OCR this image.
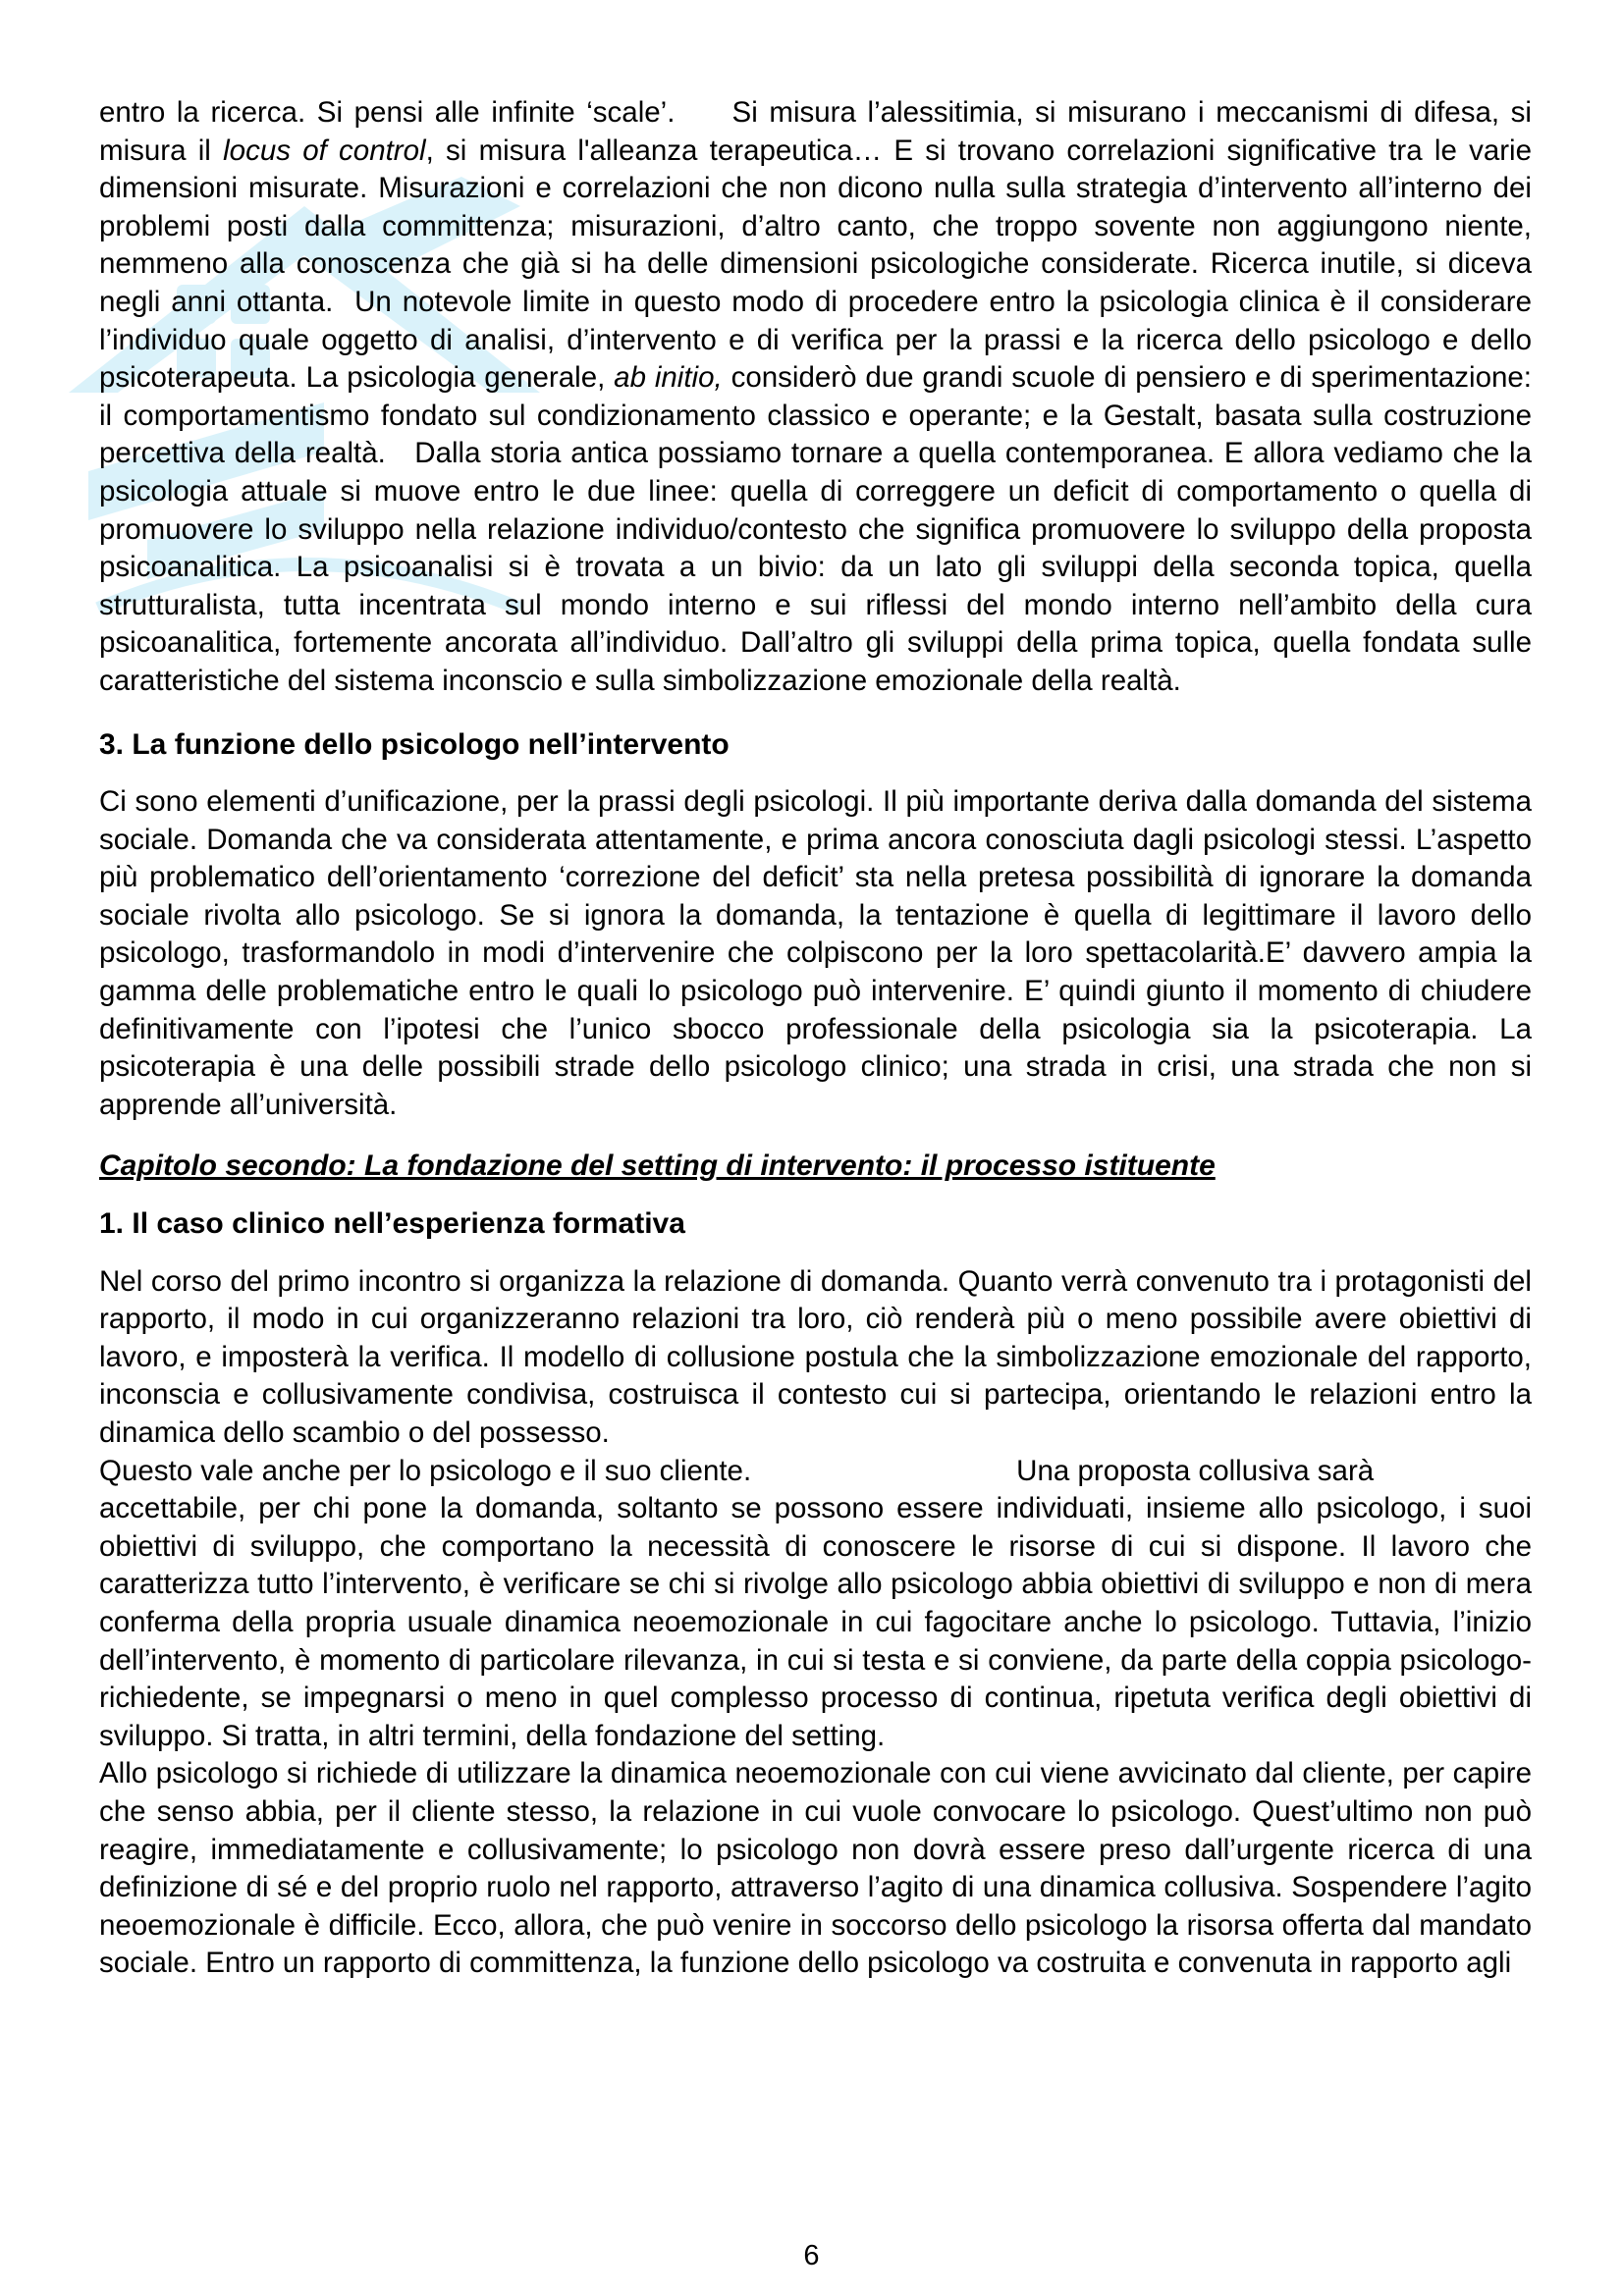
entro la ricerca. Si pensi alle infinite ‘scale’.     Si misura l’alessitimia, si misurano i meccanismi di difesa, si misura il locus of control, si misura l'alleanza terapeutica… E si trovano correlazioni significative tra le varie dimensioni misurate. Misurazioni e correlazioni che non dicono nulla sulla strategia d’intervento all’interno dei problemi posti dalla committenza; misurazioni, d’altro canto, che troppo sovente non aggiungono niente, nemmeno alla conoscenza che già si ha delle dimensioni psicologiche considerate. Ricerca inutile, si diceva negli anni ottanta.  Un notevole limite in questo modo di procedere entro la psicologia clinica è il considerare l’individuo quale oggetto di analisi, d’intervento e di verifica per la prassi e la ricerca dello psicologo e dello psicoterapeuta. La psicologia generale, ab initio, considerò due grandi scuole di pensiero e di sperimentazione: il comportamentismo fondato sul condizionamento classico e operante; e la Gestalt, basata sulla costruzione percettiva della realtà.   Dalla storia antica possiamo tornare a quella contemporanea. E allora vediamo che la psicologia attuale si muove entro le due linee: quella di correggere un deficit di comportamento o quella di promuovere lo sviluppo nella relazione individuo/contesto che significa promuovere lo sviluppo della proposta psicoanalitica. La psicoanalisi si è trovata a un bivio: da un lato gli sviluppi della seconda topica, quella strutturalista, tutta incentrata sul mondo interno e sui riflessi del mondo interno nell’ambito della cura psicoanalitica, fortemente ancorata all’individuo. Dall’altro gli sviluppi della prima topica, quella fondata sulle caratteristiche del sistema inconscio e sulla simbolizzazione emozionale della realtà.

3. La funzione dello psicologo nell’intervento

Ci sono elementi d’unificazione, per la prassi degli psicologi. Il più importante deriva dalla domanda del sistema sociale. Domanda che va considerata attentamente, e prima ancora conosciuta dagli psicologi stessi. L’aspetto più problematico dell’orientamento ‘correzione del deficit’ sta nella pretesa possibilità di ignorare la domanda sociale rivolta allo psicologo. Se si ignora la domanda, la tentazione è quella di legittimare il lavoro dello psicologo, trasformandolo in modi d’intervenire che colpiscono per la loro spettacolarità.E’ davvero ampia la gamma delle problematiche entro le quali lo psicologo può intervenire. E’ quindi giunto il momento di chiudere definitivamente con l’ipotesi che l’unico sbocco professionale della psicologia sia la psicoterapia. La psicoterapia è una delle possibili strade dello psicologo clinico; una strada in crisi, una strada che non si apprende all’università.

Capitolo secondo: La fondazione del setting di intervento: il processo istituente
1. Il caso clinico nell’esperienza formativa

Nel corso del primo incontro si organizza la relazione di domanda. Quanto verrà convenuto tra i protagonisti del rapporto, il modo in cui organizzeranno relazioni tra loro, ciò renderà più o meno possibile avere obiettivi di lavoro, e imposterà la verifica. Il modello di collusione postula che la simbolizzazione emozionale del rapporto, inconscia e collusivamente condivisa, costruisca il contesto cui si partecipa, orientando le relazioni entro la dinamica dello scambio o del possesso.

Questo vale anche per lo psicologo e il suo cliente.	Una proposta collusiva sarà

accettabile, per chi pone la domanda, soltanto se possono essere individuati, insieme allo psicologo, i suoi obiettivi di sviluppo, che comportano la necessità di conoscere le risorse di cui si dispone. Il lavoro che caratterizza tutto l’intervento, è verificare se chi si rivolge allo psicologo abbia obiettivi di sviluppo e non di mera conferma della propria usuale dinamica neoemozionale in cui fagocitare anche lo psicologo. Tuttavia, l’inizio dell’intervento, è momento di particolare rilevanza, in cui si testa e si conviene, da parte della coppia psicologo-richiedente, se impegnarsi o meno in quel complesso processo di continua, ripetuta verifica degli obiettivi di sviluppo. Si tratta, in altri termini, della fondazione del setting.

Allo psicologo si richiede di utilizzare la dinamica neoemozionale con cui viene avvicinato dal cliente, per capire che senso abbia, per il cliente stesso, la relazione in cui vuole convocare lo psicologo. Quest’ultimo non può reagire, immediatamente e collusivamente; lo psicologo non dovrà essere preso dall’urgente ricerca di una definizione di sé e del proprio ruolo nel rapporto, attraverso l’agito di una dinamica collusiva. Sospendere l’agito neoemozionale è difficile. Ecco, allora, che può venire in soccorso dello psicologo la risorsa offerta dal mandato sociale. Entro un rapporto di committenza, la funzione dello psicologo va costruita e convenuta in rapporto agli

6
